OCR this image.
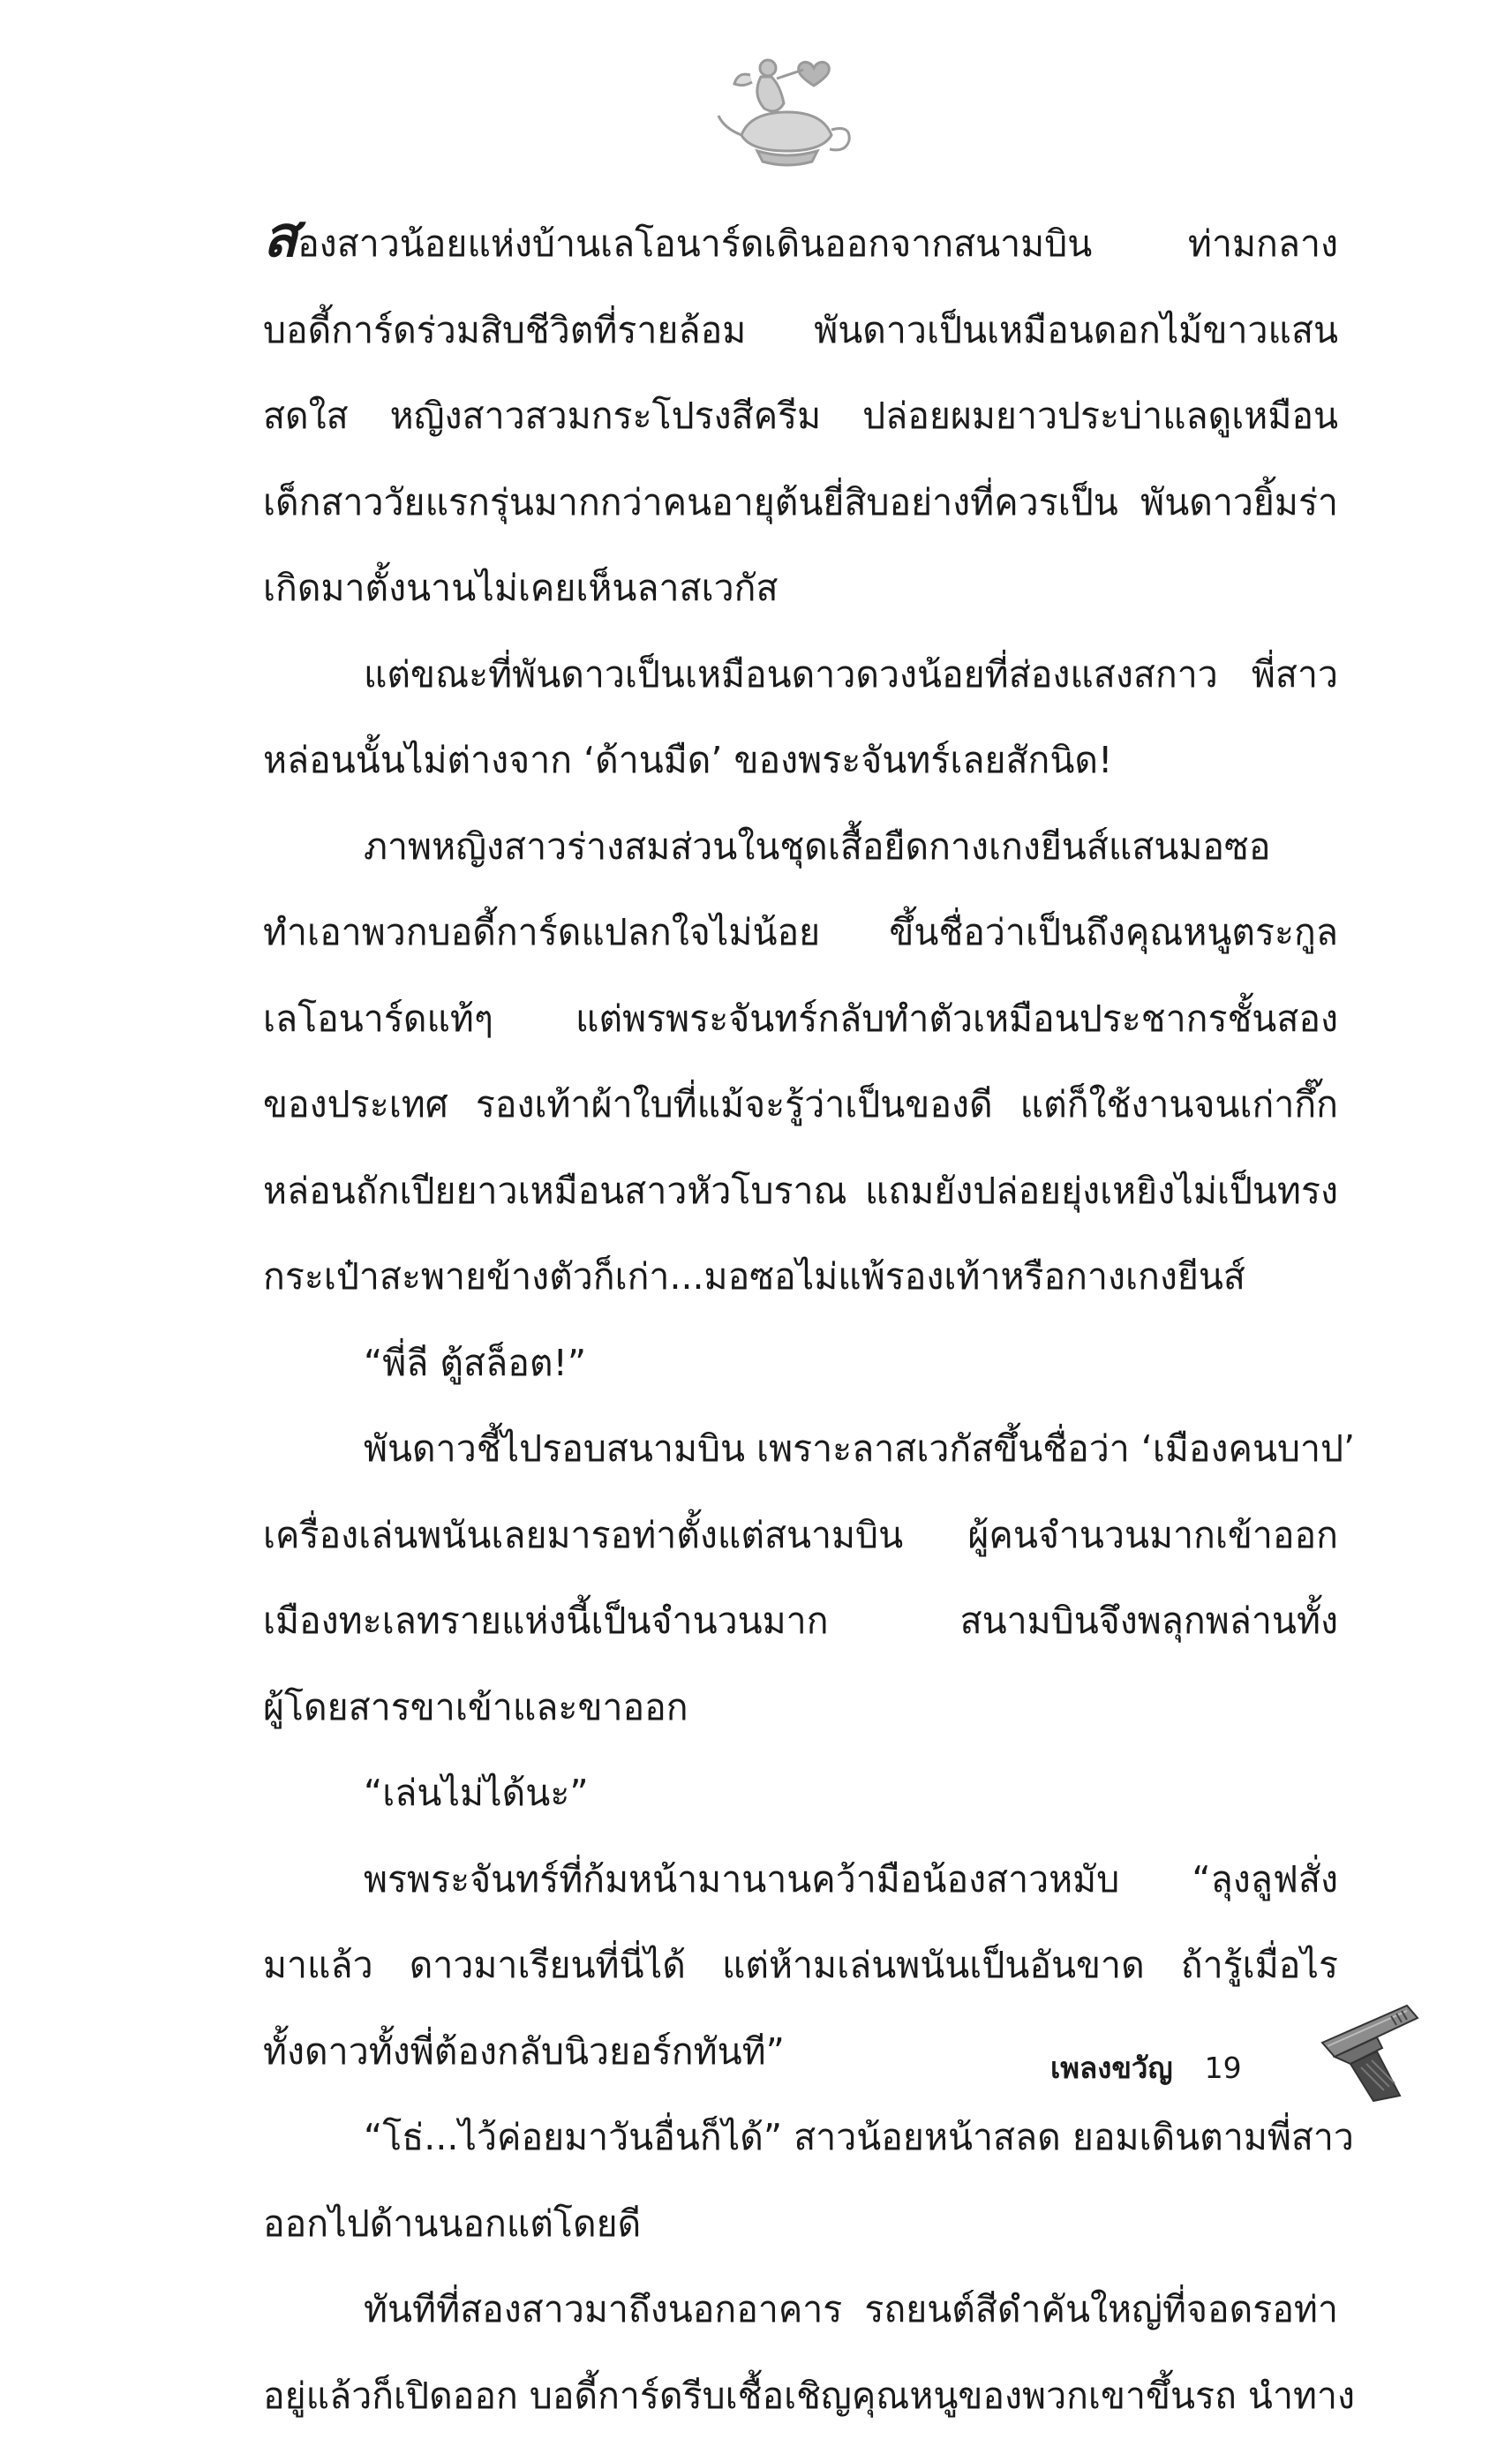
สองสาวน้อยแห่งบ้านเลโอนาร์ดเดินออกจากสนามบิน ท่ามกลาง
บอดี้การ์ดร่วมสิบชีวิตที่รายล้อม พันดาวเป็นเหมือนดอกไม้ขาวแสน
สดใส หญิงสาวสวมกระโปรงสีครีม ปล่อยผมยาวประบ่าแลดูเหมือน
เด็กสาววัยแรกรุ่นมากกว่าคนอายุต้นยี่สิบอย่างที่ควรเป็น พันดาวยิ้มร่า
เกิดมาตั้งนานไม่เคยเห็นลาสเวกัส
แต่ขณะที่พันดาวเป็นเหมือนดาวดวงน้อยที่ส่องแสงสกาว พี่สาว
หล่อนนั้นไม่ต่างจาก ‘ด้านมืด’ ของพระจันทร์เลยสักนิด!
ภาพหญิงสาวร่างสมส่วนในชุดเสื้อยืดกางเกงยีนส์แสนมอซอ
ทำเอาพวกบอดี้การ์ดแปลกใจไม่น้อย ขึ้นชื่อว่าเป็นถึงคุณหนูตระกูล
เลโอนาร์ดแท้ๆ แต่พรพระจันทร์กลับทำตัวเหมือนประชากรชั้นสอง
ของประเทศ รองเท้าผ้าใบที่แม้จะรู้ว่าเป็นของดี แต่ก็ใช้งานจนเก่ากึ๊ก
หล่อนถักเปียยาวเหมือนสาวหัวโบราณ แถมยังปล่อยยุ่งเหยิงไม่เป็นทรง
กระเป๋าสะพายข้างตัวก็เก่า...มอซอไม่แพ้รองเท้าหรือกางเกงยีนส์
“พี่ลี ตู้สล็อต!”
พันดาวชี้ไปรอบสนามบิน เพราะลาสเวกัสขึ้นชื่อว่า ‘เมืองคนบาป’
เครื่องเล่นพนันเลยมารอท่าตั้งแต่สนามบิน ผู้คนจำนวนมากเข้าออก
เมืองทะเลทรายแห่งนี้เป็นจำนวนมาก สนามบินจึงพลุกพล่านทั้ง
ผู้โดยสารขาเข้าและขาออก
“เล่นไม่ได้นะ”
พรพระจันทร์ที่ก้มหน้ามานานคว้ามือน้องสาวหมับ “ลุงลูฟสั่ง
มาแล้ว ดาวมาเรียนที่นี่ได้ แต่ห้ามเล่นพนันเป็นอันขาด ถ้ารู้เมื่อไร
ทั้งดาวทั้งพี่ต้องกลับนิวยอร์กทันที”
“โธ่...ไว้ค่อยมาวันอื่นก็ได้” สาวน้อยหน้าสลด ยอมเดินตามพี่สาว
ออกไปด้านนอกแต่โดยดี
ทันทีที่สองสาวมาถึงนอกอาคาร รถยนต์สีดำคันใหญ่ที่จอดรอท่า
อยู่แล้วก็เปิดออก บอดี้การ์ดรีบเชื้อเชิญคุณหนูของพวกเขาขึ้นรถ นำทาง
เพลงขวัญ 19
